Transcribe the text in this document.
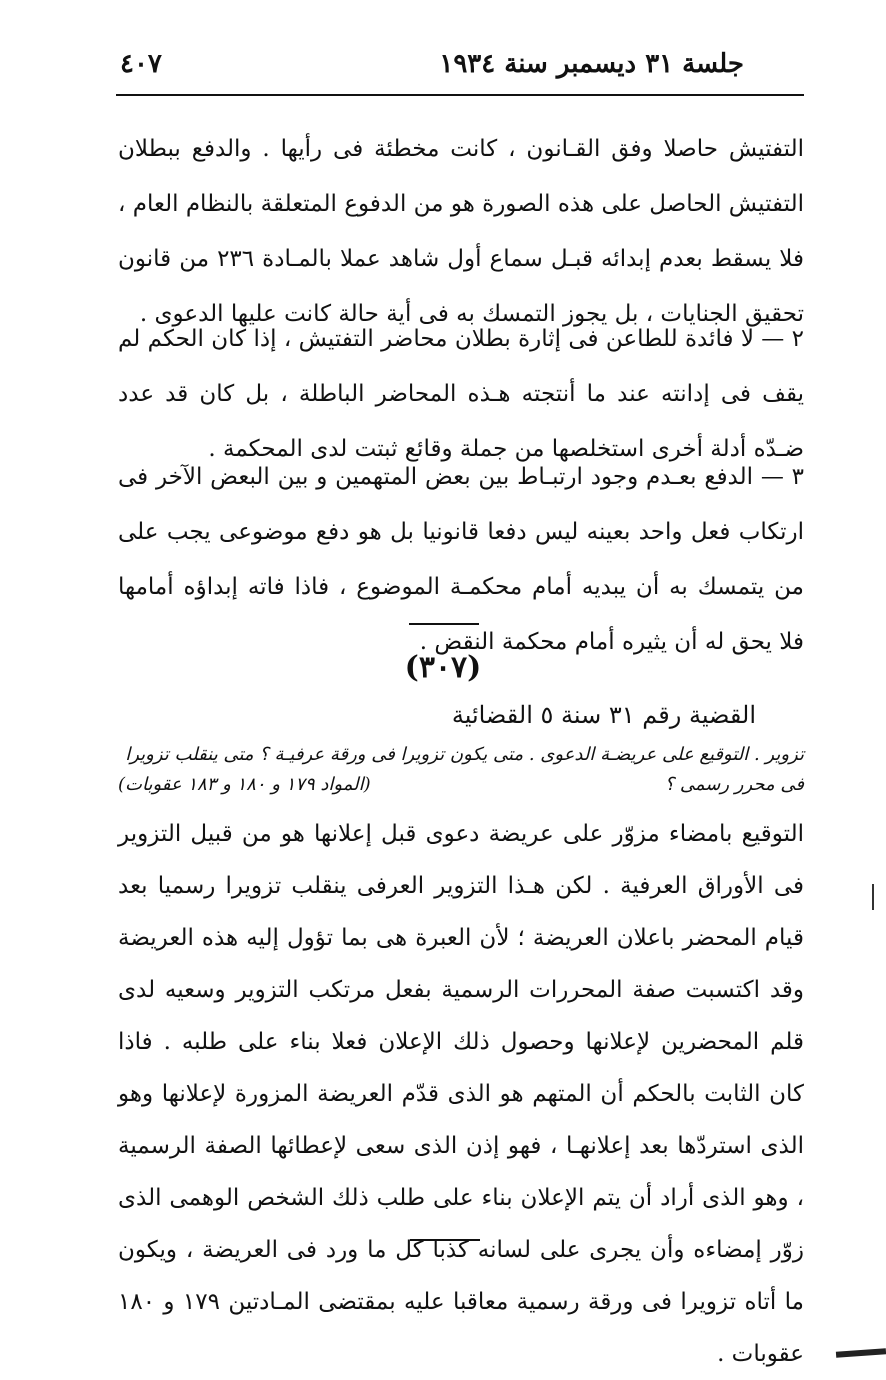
جلسة ٣١ ديسمبر سنة ١٩٣٤
٤٠٧

التفتيش حاصلا وفق القـانون ، كانت مخطئة فى رأيها . والدفع ببطلان التفتيش الحاصل على هذه الصورة هو من الدفوع المتعلقة بالنظام العام ، فلا يسقط بعدم إبدائه قبـل سماع أول شاهد عملا بالمـادة ٢٣٦ من قانون تحقيق الجنايات ، بل يجوز التمسك به فى أية حالة كانت عليها الدعوى .

٢ — لا فائدة للطاعن فى إثارة بطلان محاضر التفتيش ، إذا كان الحكم لم يقف فى إدانته عند ما أنتجته هـذه المحاضر الباطلة ، بل كان قد عدد ضـدّه أدلة أخرى استخلصها من جملة وقائع ثبتت لدى المحكمة .

٣ — الدفع بعـدم وجود ارتبـاط بين بعض المتهمين و بين البعض الآخر فى ارتكاب فعل واحد بعينه ليس دفعا قانونيا بل هو دفع موضوعى يجب على من يتمسك به أن يبديه أمام محكمـة الموضوع ، فاذا فاته إبداؤه أمامها فلا يحق له أن يثيره أمام محكمة النقض .

(٣٠٧)
القضية رقم ٣١ سنة ٥ القضائية
تزوير . التوقيع على عريضـة الدعوى . متى يكون تزويرا فى ورقة عرفيـة ؟ متى ينقلب تزويرا
فى محرر رسمى ؟
(المواد ١٧٩ و ١٨٠ و ١٨٣ عقوبات)

التوقيع بامضاء مزوّر على عريضة دعوى قبل إعلانها هو من قبيل التزوير فى الأوراق العرفية . لكن هـذا التزوير العرفى ينقلب تزويرا رسميا بعد قيام المحضر باعلان العريضة ؛ لأن العبرة هى بما تؤول إليه هذه العريضة وقد اكتسبت صفة المحررات الرسمية بفعل مرتكب التزوير وسعيه لدى قلم المحضرين لإعلانها وحصول ذلك الإعلان فعلا بناء على طلبه . فاذا كان الثابت بالحكم أن المتهم هو الذى قدّم العريضة المزورة لإعلانها وهو الذى استردّها بعد إعلانهـا ، فهو إذن الذى سعى لإعطائها الصفة الرسمية ، وهو الذى أراد أن يتم الإعلان بناء على طلب ذلك الشخص الوهمى الذى زوّر إمضاءه وأن يجرى على لسانه كذبا كل ما ورد فى العريضة ، ويكون ما أتاه تزويرا فى ورقة رسمية معاقبا عليه بمقتضى المـادتين ١٧٩ و ١٨٠ عقوبات .
